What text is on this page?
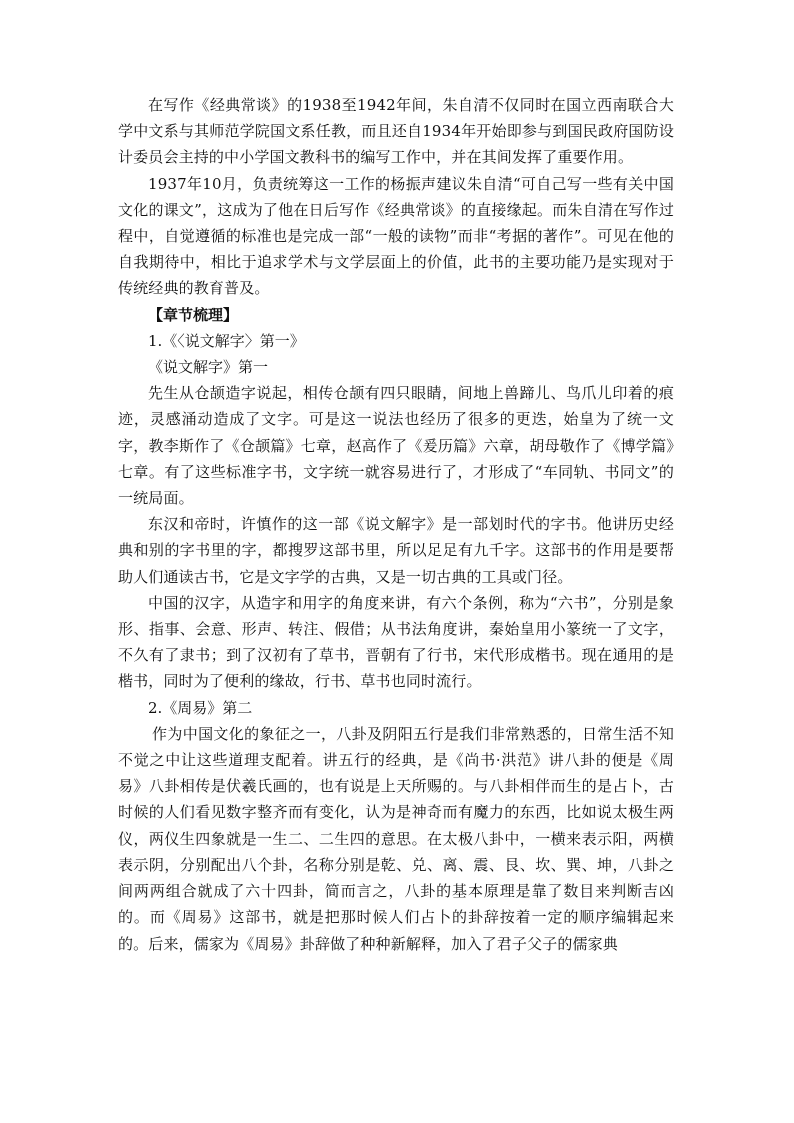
在写作《经典常谈》的1938至1942年间，朱自清不仅同时在国立西南联合大学中文系与其师范学院国文系任教，而且还自1934年开始即参与到国民政府国防设计委员会主持的中小学国文教科书的编写工作中，并在其间发挥了重要作用。

1937年10月，负责统筹这一工作的杨振声建议朱自清“可自己写一些有关中国文化的课文”，这成为了他在日后写作《经典常谈》的直接缘起。而朱自清在写作过程中，自觉遵循的标准也是完成一部“一般的读物”而非“考据的著作”。可见在他的自我期待中，相比于追求学术与文学层面上的价值，此书的主要功能乃是实现对于传统经典的教育普及。

【章节梳理】

1.《〈说文解字〉第一》

《说文解字》第一

先生从仓颉造字说起，相传仓颉有四只眼睛，间地上兽蹄儿、鸟爪儿印着的痕迹，灵感涌动造成了文字。可是这一说法也经历了很多的更迭，始皇为了统一文字，教李斯作了《仓颉篇》七章，赵高作了《爰历篇》六章，胡母敬作了《博学篇》七章。有了这些标准字书，文字统一就容易进行了，才形成了“车同轨、书同文”的一统局面。

东汉和帝时，许慎作的这一部《说文解字》是一部划时代的字书。他讲历史经典和别的字书里的字，都搜罗这部书里，所以足足有九千字。这部书的作用是要帮助人们通读古书，它是文字学的古典，又是一切古典的工具或门径。

中国的汉字，从造字和用字的角度来讲，有六个条例，称为“六书”，分别是象形、指事、会意、形声、转注、假借；从书法角度讲，秦始皇用小篆统一了文字，不久有了隶书；到了汉初有了草书，晋朝有了行书，宋代形成楷书。现在通用的是楷书，同时为了便利的缘故，行书、草书也同时流行。

2.《周易》第二

作为中国文化的象征之一，八卦及阴阳五行是我们非常熟悉的，日常生活不知不觉之中让这些道理支配着。讲五行的经典，是《尚书·洪范》讲八卦的便是《周易》八卦相传是伏羲氏画的，也有说是上天所赐的。与八卦相伴而生的是占卜，古时候的人们看见数字整齐而有变化，认为是神奇而有魔力的东西，比如说太极生两仪，两仪生四象就是一生二、二生四的意思。在太极八卦中，一横来表示阳，两横表示阴，分别配出八个卦，名称分别是乾、兑、离、震、艮、坎、巽、坤，八卦之间两两组合就成了六十四卦，简而言之，八卦的基本原理是靠了数目来判断吉凶的。而《周易》这部书，就是把那时候人们占卜的卦辞按着一定的顺序编辑起来的。后来，儒家为《周易》卦辞做了种种新解释，加入了君子父子的儒家典
